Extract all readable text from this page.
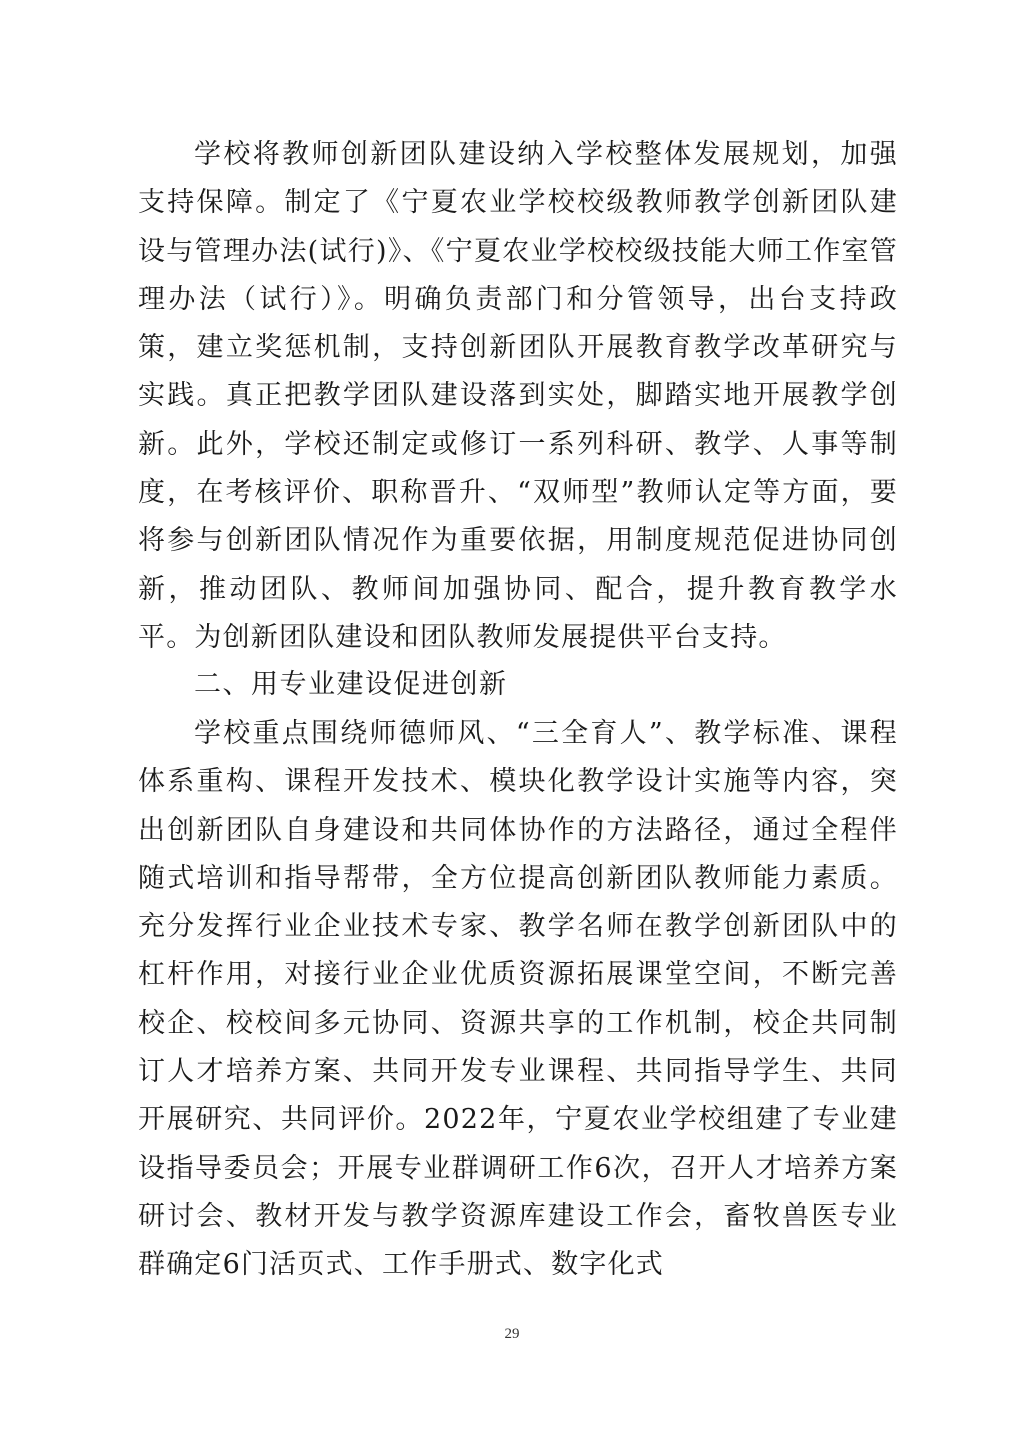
学校将教师创新团队建设纳入学校整体发展规划，加强支持保障。制定了《宁夏农业学校校级教师教学创新团队建设与管理办法(试行)》、《宁夏农业学校校级技能大师工作室管理办法（试行）》。明确负责部门和分管领导，出台支持政策，建立奖惩机制，支持创新团队开展教育教学改革研究与实践。真正把教学团队建设落到实处，脚踏实地开展教学创新。此外，学校还制定或修订一系列科研、教学、人事等制度，在考核评价、职称晋升、“双师型”教师认定等方面，要将参与创新团队情况作为重要依据，用制度规范促进协同创新，推动团队、教师间加强协同、配合，提升教育教学水平。为创新团队建设和团队教师发展提供平台支持。

二、用专业建设促进创新

学校重点围绕师德师风、“三全育人”、教学标准、课程体系重构、课程开发技术、模块化教学设计实施等内容，突出创新团队自身建设和共同体协作的方法路径，通过全程伴随式培训和指导帮带，全方位提高创新团队教师能力素质。充分发挥行业企业技术专家、教学名师在教学创新团队中的杠杆作用，对接行业企业优质资源拓展课堂空间，不断完善校企、校校间多元协同、资源共享的工作机制，校企共同制订人才培养方案、共同开发专业课程、共同指导学生、共同开展研究、共同评价。2022年，宁夏农业学校组建了专业建设指导委员会；开展专业群调研工作6次，召开人才培养方案研讨会、教材开发与教学资源库建设工作会，畜牧兽医专业群确定6门活页式、工作手册式、数字化式

29
